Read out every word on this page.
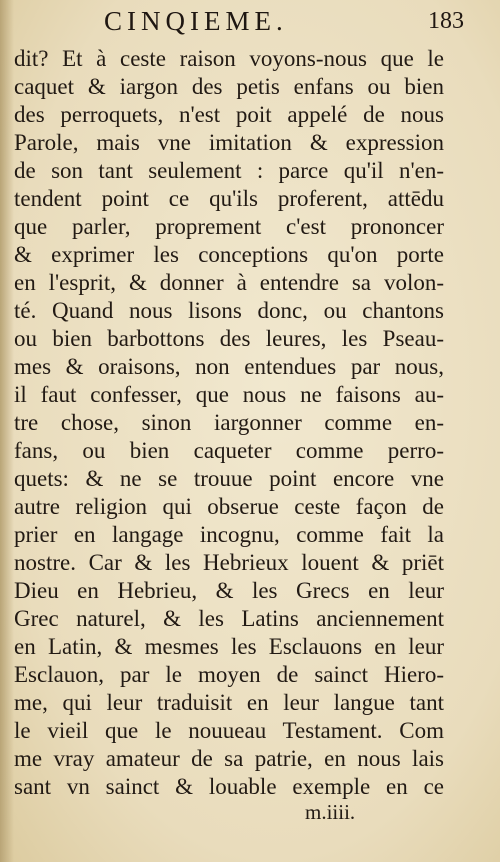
CINQIEME.	183
dit? Et à ceste raison voyons-nous que le
caquet & iargon des petis enfans ou bien
des perroquets, n'est poit appelé de nous
Parole, mais vne imitation & expression
de son tant seulement : parce qu'il n'en-
tendent point ce qu'ils proferent, attēdu
que parler, proprement c'est prononcer
& exprimer les conceptions qu'on porte
en l'esprit, & donner à entendre sa volon-
té. Quand nous lisons donc, ou chantons
ou bien barbottons des leures, les Pseau-
mes & oraisons, non entendues par nous,
il faut confesser, que nous ne faisons au-
tre chose, sinon iargonner comme en-
fans, ou bien caqueter comme perro-
quets: & ne se trouue point encore vne
autre religion qui obserue ceste façon de
prier en langage incognu, comme fait la
nostre. Car & les Hebrieux louent & priēt
Dieu en Hebrieu, & les Grecs en leur
Grec naturel, & les Latins anciennement
en Latin, & mesmes les Esclauons en leur
Esclauon, par le moyen de sainct Hiero-
me, qui leur traduisit en leur langue tant
le vieil que le nouueau Testament. Com
me vray amateur de sa patrie, en nous lais
sant vn sainct & louable exemple en ce
m.iiii.
